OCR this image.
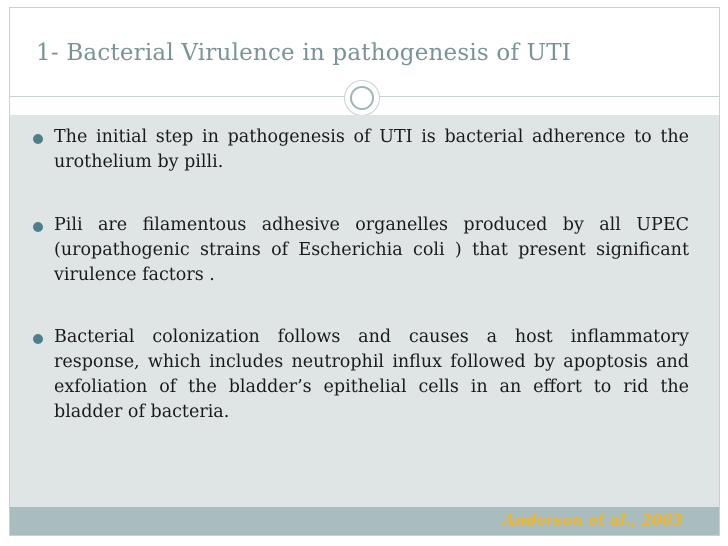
1- Bacterial Virulence in pathogenesis of UTI
The initial step in pathogenesis of UTI is bacterial adherence to the urothelium by pilli.
Pili are filamentous adhesive organelles produced by all UPEC (uropathogenic strains of Escherichia coli ) that present significant virulence factors .
Bacterial colonization follows and causes a host inflammatory response, which includes neutrophil influx followed by apoptosis and exfoliation of the bladder’s epithelial cells in an effort to rid the bladder of bacteria.
Anderson et al., 2003
